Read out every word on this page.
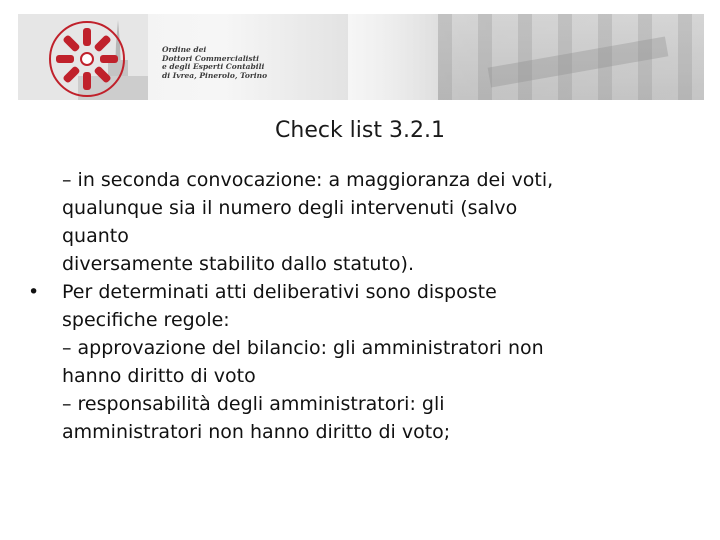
Ordine dei
Dottori Commercialisti
e degli Esperti Contabili
di Ivrea, Pinerolo, Torino
Check list 3.2.1
– in seconda convocazione: a maggioranza dei voti,
qualunque sia il numero degli intervenuti (salvo
quanto
diversamente stabilito dallo statuto).
• Per determinati atti deliberativi sono disposte
specifiche regole:
– approvazione del bilancio: gli amministratori non
hanno diritto di voto
– responsabilità degli amministratori: gli
amministratori non hanno diritto di voto;
